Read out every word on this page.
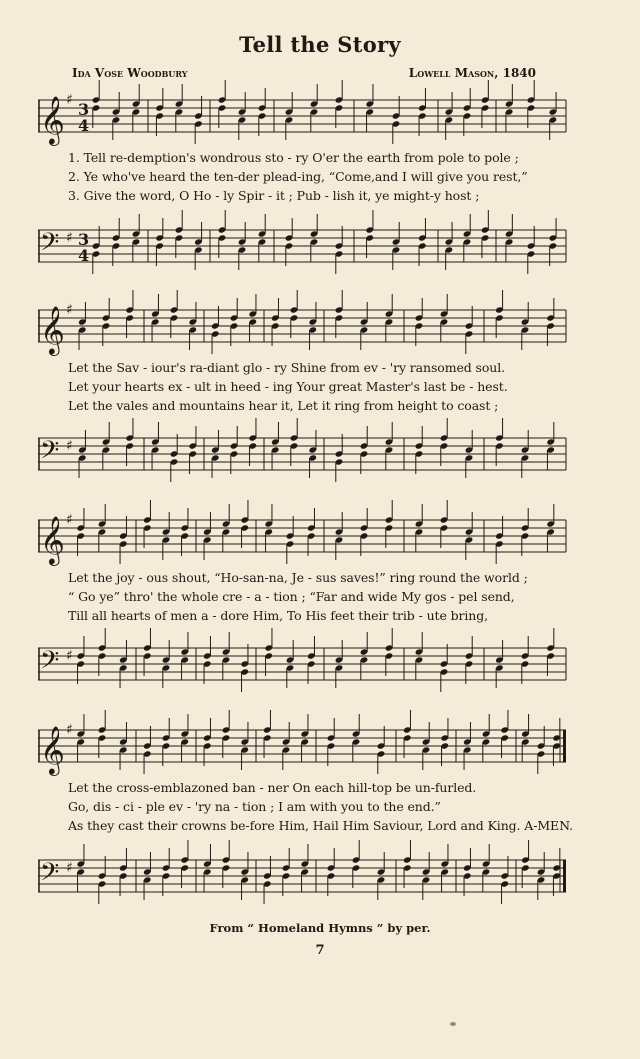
Tell the Story
Ida Vose Woodbury	Lowell Mason, 1840
𝄞 ♯ 3
4
1. Tell re-demption's wondrous sto - ry O'er the earth from pole to pole ;
2. Ye who've heard the ten-der plead-ing, “Come,and I will give you rest,”
3. Give the word, O Ho - ly Spir - it ; Pub - lish it, ye might-y host ;
𝄢 ♯ 3
4
𝄞 ♯
Let the Sav - iour's ra-diant glo - ry Shine from ev - 'ry ransomed soul.
Let your hearts ex - ult in heed - ing Your great Master's last be - hest.
Let the vales and mountains hear it, Let it ring from height to coast ;
𝄢 ♯
𝄞 ♯
Let the joy - ous shout, “Ho-san-na, Je - sus saves!” ring round the world ;
“ Go ye” thro' the whole cre - a - tion ; “Far and wide My gos - pel send,
Till all hearts of men a - dore Him, To His feet their trib - ute bring,
𝄢 ♯
𝄞 ♯
Let the cross-emblazoned ban - ner On each hill-top be un-furled.
Go, dis - ci - ple ev - 'ry na - tion ; I am with you to the end.”
As they cast their crowns be-fore Him, Hail Him Saviour, Lord and King. A-MEN.
𝄢 ♯
From “ Homeland Hymns ” by per.
7
